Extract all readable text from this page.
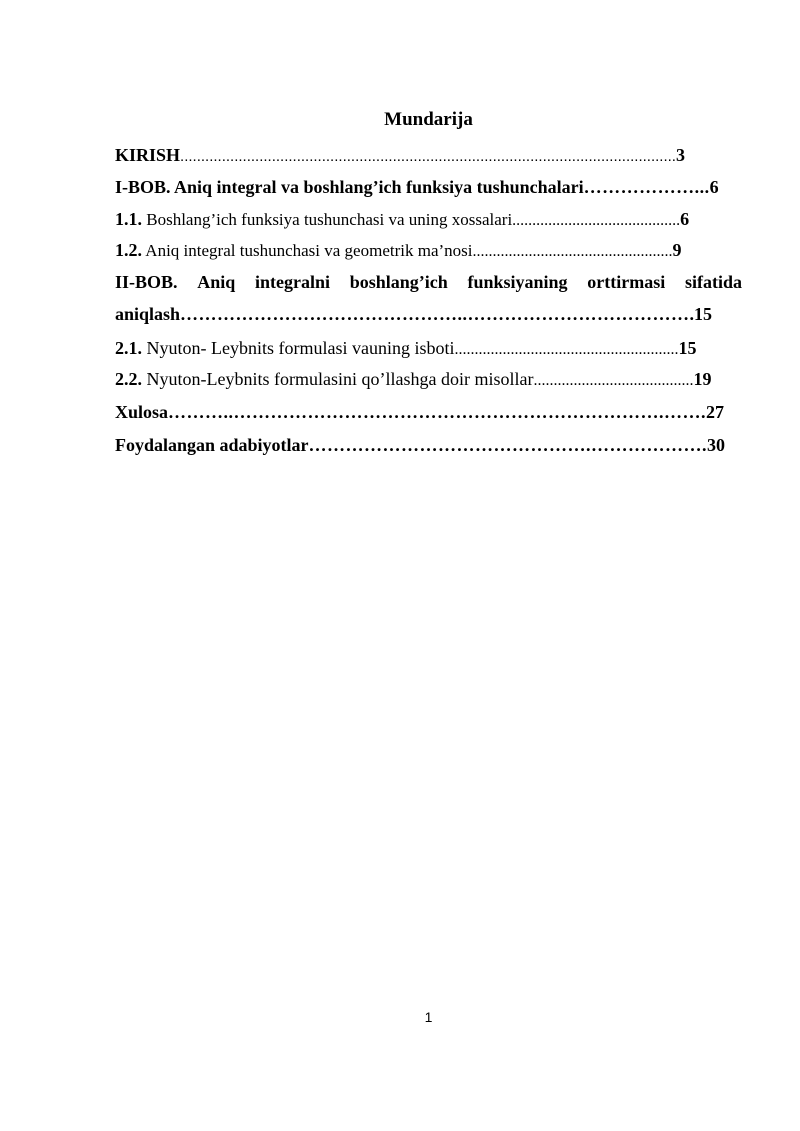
Mundarija
KIRISH.......................................................................................................................3
I-BOB. Aniq integral va boshlang’ich funksiya tushunchalari………………...6
1.1. Boshlang’ich funksiya tushunchasi va uning xossalari..........................................6
1.2. Aniq integral tushunchasi va geometrik ma’nosi..................................................9
II-BOB. Aniq integralni boshlang’ich funksiyaning orttirmasi sifatida
aniqlash………………………………………..……………………………….15
2.1. Nyuton- Leybnits formulasi vauning isboti........................................................15
2.2. Nyuton-Leybnits formulasini qo’llashga doir misollar........................................19
Xulosa………..…………………………………………………………….…….27
Foydalangan adabiyotlar……………………………………….……………….30
1
